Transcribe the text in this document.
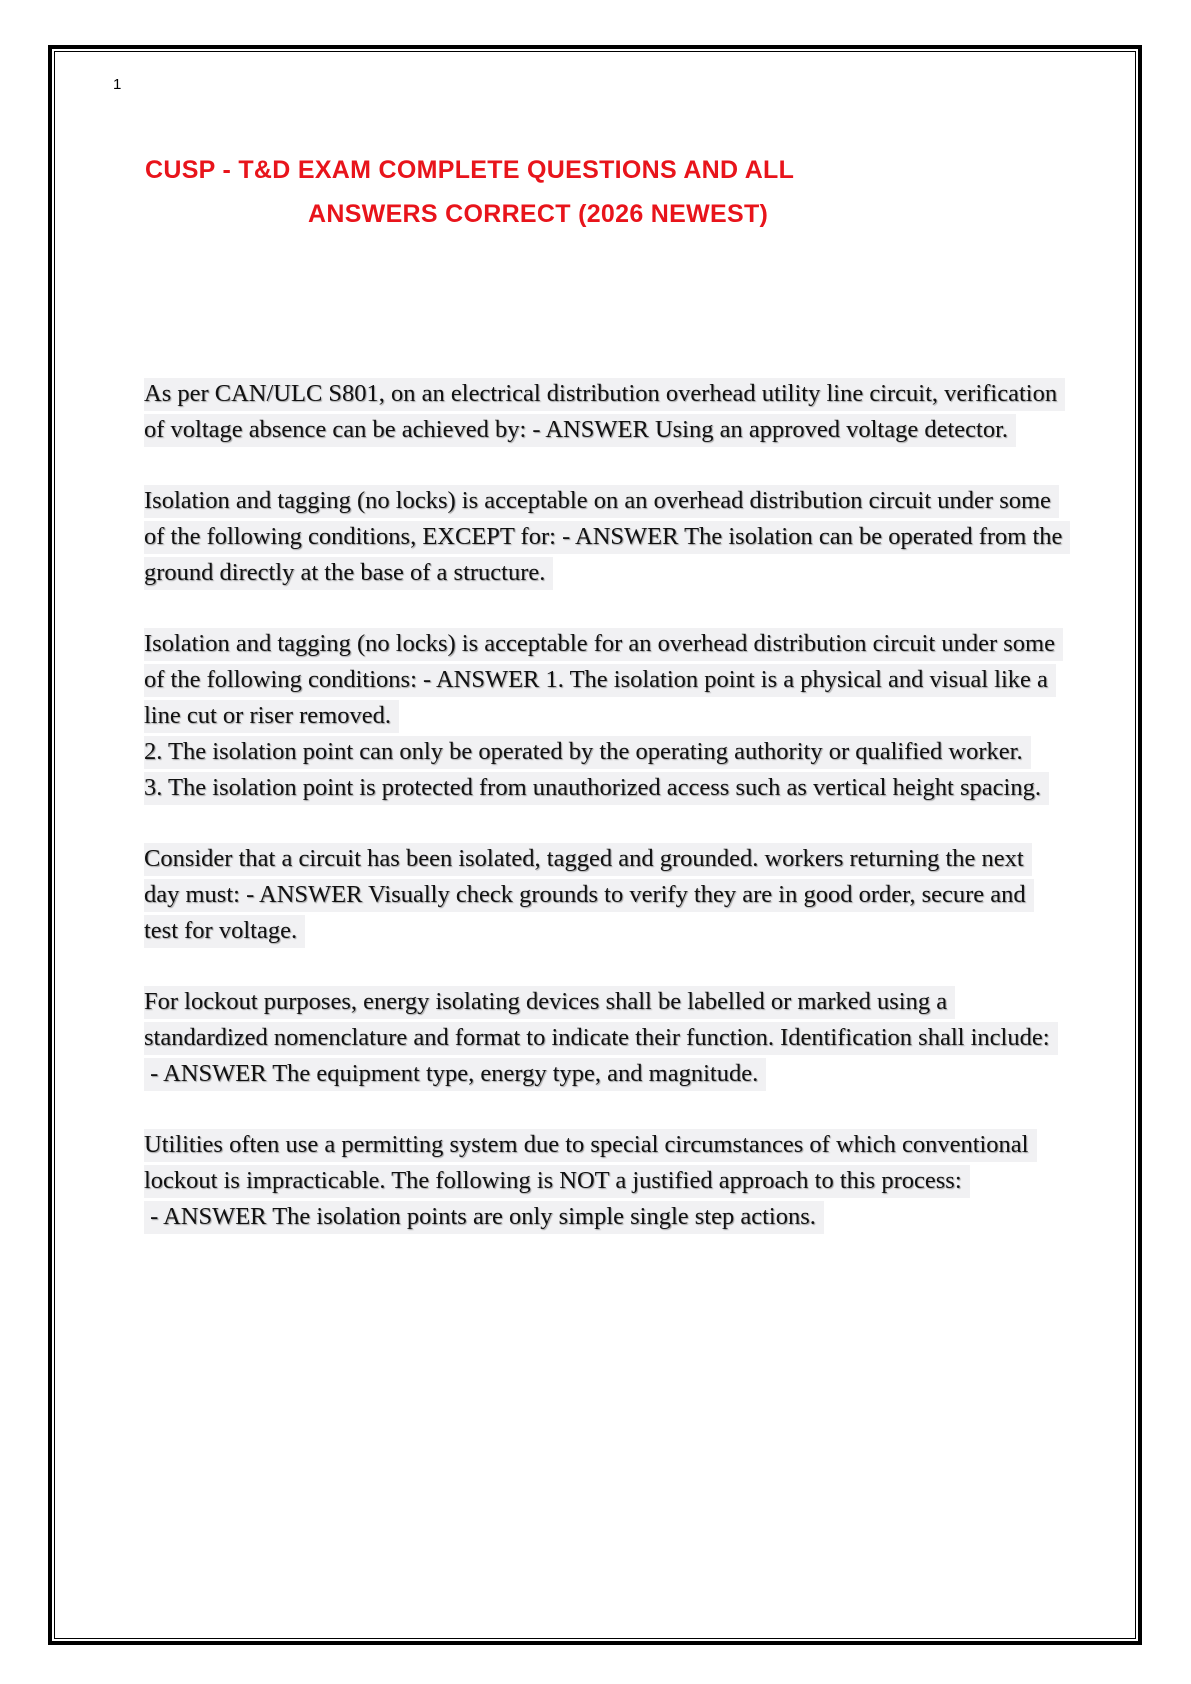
1
CUSP - T&D EXAM COMPLETE QUESTIONS AND ALL
ANSWERS CORRECT (2026 NEWEST)

As per CAN/ULC S801, on an electrical distribution overhead utility line circuit, verification of voltage absence can be achieved by: - ANSWER Using an approved voltage detector.

Isolation and tagging (no locks) is acceptable on an overhead distribution circuit under some of the following conditions, EXCEPT for: - ANSWER The isolation can be operated from the ground directly at the base of a structure.

Isolation and tagging (no locks) is acceptable for an overhead distribution circuit under some of the following conditions: - ANSWER 1. The isolation point is a physical and visual like a line cut or riser removed.
2. The isolation point can only be operated by the operating authority or qualified worker.
3. The isolation point is protected from unauthorized access such as vertical height spacing.

Consider that a circuit has been isolated, tagged and grounded. workers returning the next day must: - ANSWER Visually check grounds to verify they are in good order, secure and test for voltage.

For lockout purposes, energy isolating devices shall be labelled or marked using a standardized nomenclature and format to indicate their function. Identification shall include: - ANSWER The equipment type, energy type, and magnitude.

Utilities often use a permitting system due to special circumstances of which conventional lockout is impracticable. The following is NOT a justified approach to this process: - ANSWER The isolation points are only simple single step actions.
